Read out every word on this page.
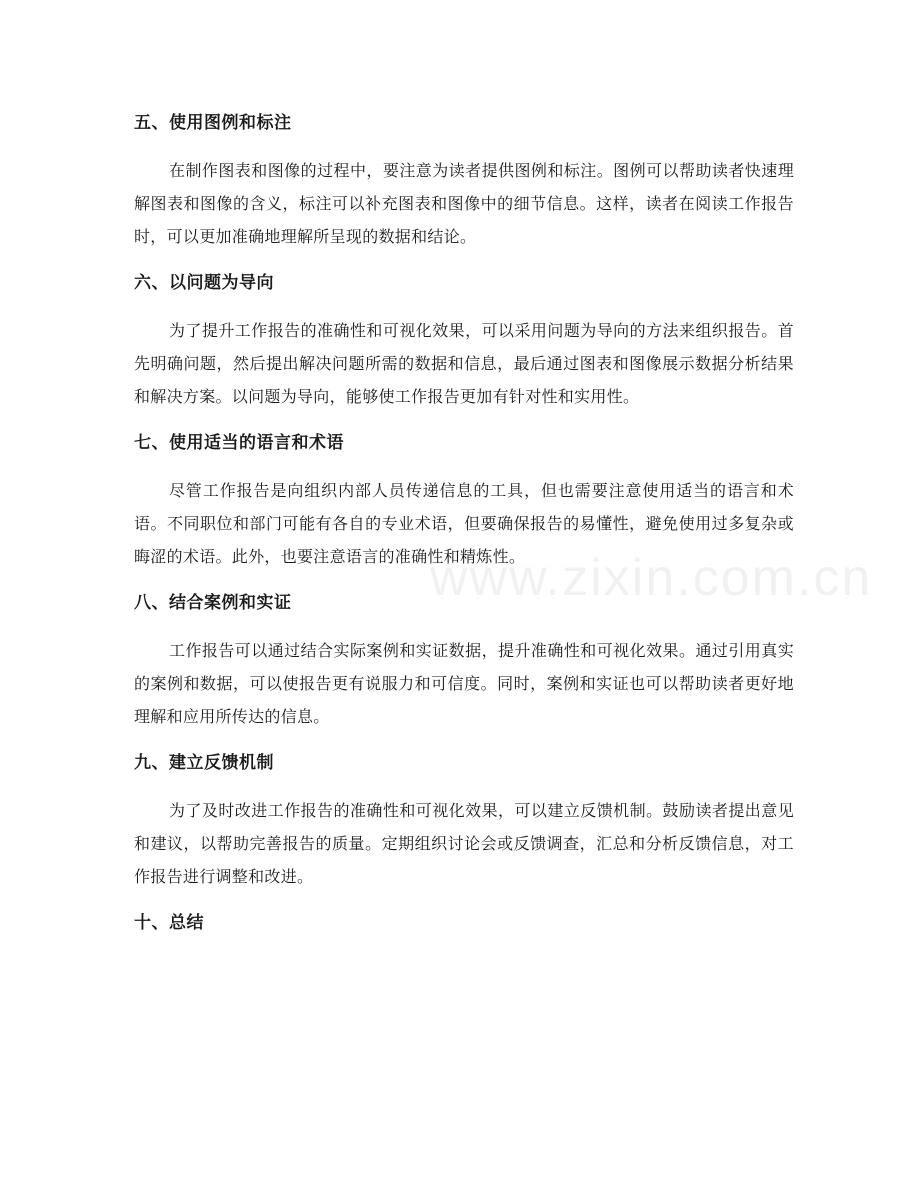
www.zixin.com.cn
五、使用图例和标注

在制作图表和图像的过程中，要注意为读者提供图例和标注。图例可以帮助读者快速理解图表和图像的含义，标注可以补充图表和图像中的细节信息。这样，读者在阅读工作报告时，可以更加准确地理解所呈现的数据和结论。

六、以问题为导向

为了提升工作报告的准确性和可视化效果，可以采用问题为导向的方法来组织报告。首先明确问题，然后提出解决问题所需的数据和信息，最后通过图表和图像展示数据分析结果和解决方案。以问题为导向，能够使工作报告更加有针对性和实用性。

七、使用适当的语言和术语

尽管工作报告是向组织内部人员传递信息的工具，但也需要注意使用适当的语言和术语。不同职位和部门可能有各自的专业术语，但要确保报告的易懂性，避免使用过多复杂或晦涩的术语。此外，也要注意语言的准确性和精炼性。

八、结合案例和实证

工作报告可以通过结合实际案例和实证数据，提升准确性和可视化效果。通过引用真实的案例和数据，可以使报告更有说服力和可信度。同时，案例和实证也可以帮助读者更好地理解和应用所传达的信息。

九、建立反馈机制

为了及时改进工作报告的准确性和可视化效果，可以建立反馈机制。鼓励读者提出意见和建议，以帮助完善报告的质量。定期组织讨论会或反馈调查，汇总和分析反馈信息，对工作报告进行调整和改进。

十、总结
